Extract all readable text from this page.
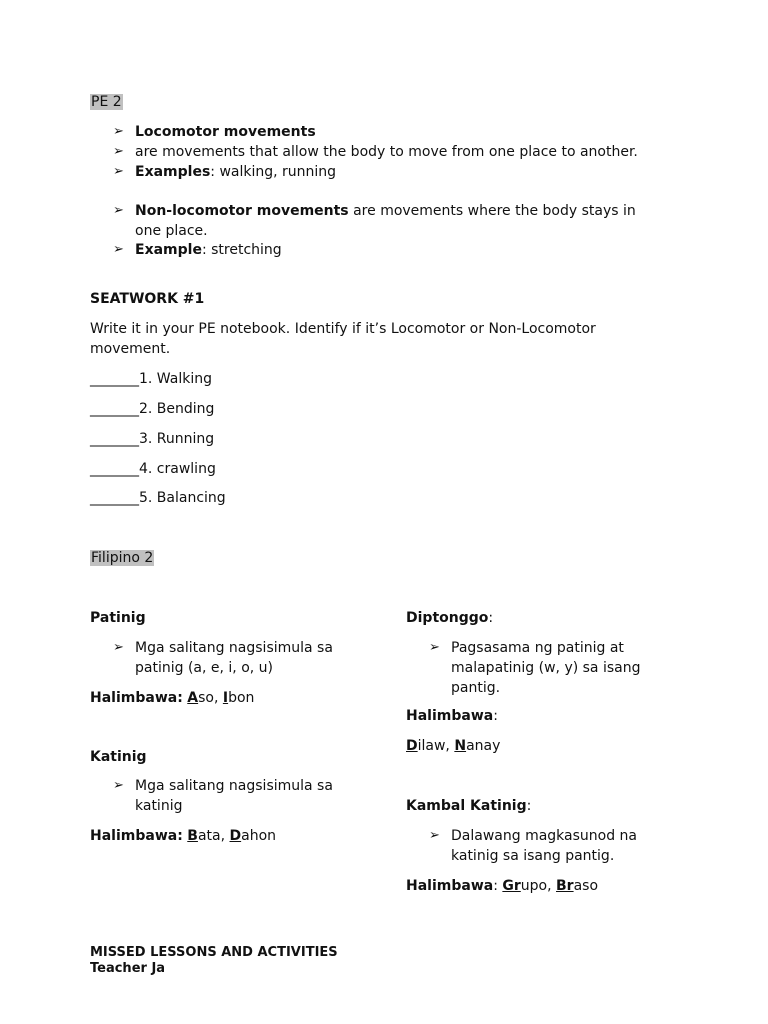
PE 2
➢ Locomotor movements
➢ are movements that allow the body to move from one place to another.
➢ Examples: walking, running
➢ Non-locomotor movements are movements where the body stays in
one place.
➢ Example: stretching
SEATWORK #1
Write it in your PE notebook. Identify if it’s Locomotor or Non-Locomotor
movement.
_______1. Walking
_______2. Bending
_______3. Running
_______4. crawling
_______5. Balancing
Filipino 2
Patinig
➢ Mga salitang nagsisimula sa
patinig (a, e, i, o, u)
Halimbawa: Aso, Ibon
Katinig
➢ Mga salitang nagsisimula sa
katinig
Halimbawa: Bata, Dahon
Diptonggo:
➢ Pagsasama ng patinig at
malapatinig (w, y) sa isang
pantig.
Halimbawa:
Dilaw, Nanay
Kambal Katinig:
➢ Dalawang magkasunod na
katinig sa isang pantig.
Halimbawa: Grupo, Braso
MISSED LESSONS AND ACTIVITIES
Teacher Ja
